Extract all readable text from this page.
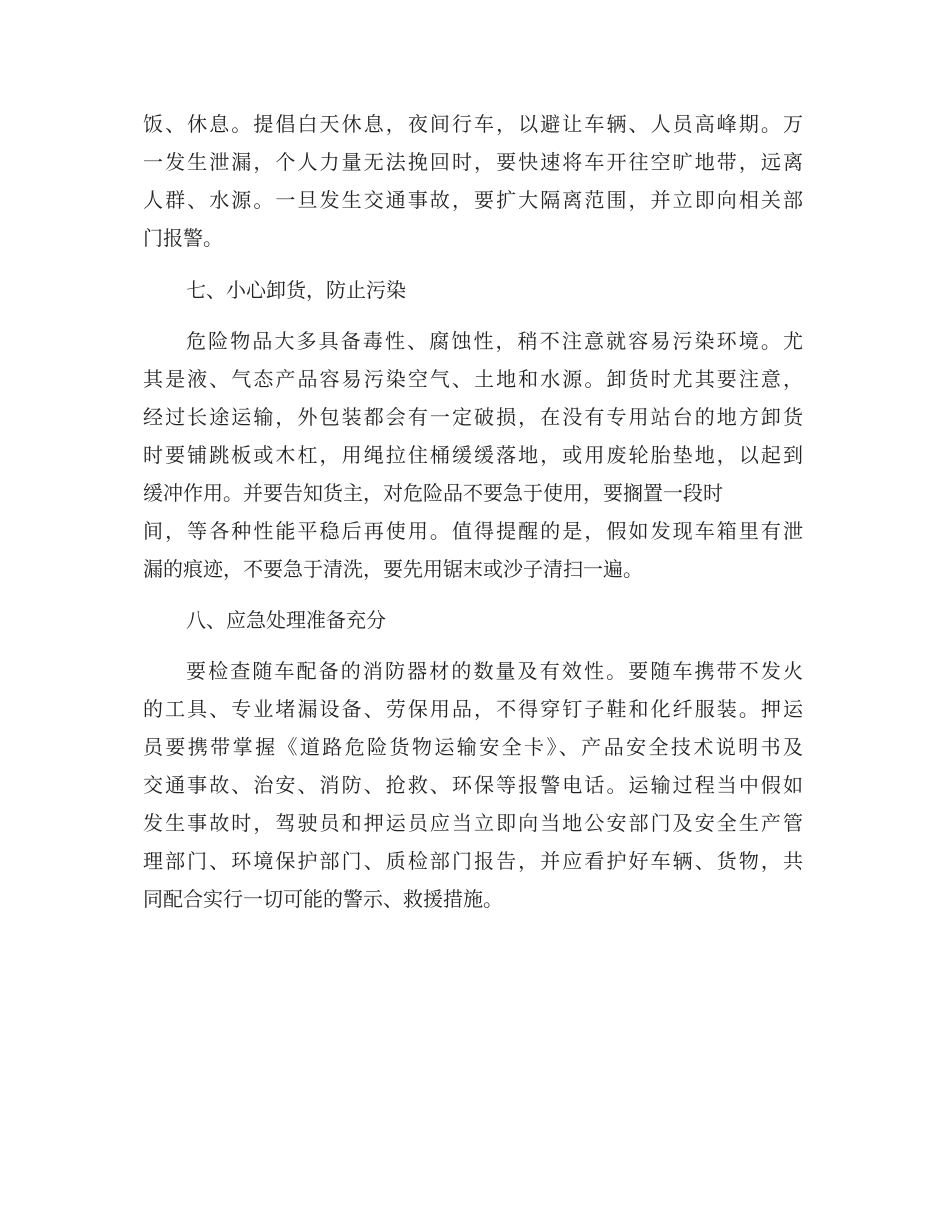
饭、休息。提倡白天休息，夜间行车，以避让车辆、人员高峰期。万
一发生泄漏，个人力量无法挽回时，要快速将车开往空旷地带，远离
人群、水源。一旦发生交通事故，要扩大隔离范围，并立即向相关部
门报警。
七、小心卸货，防止污染
危险物品大多具备毒性、腐蚀性，稍不注意就容易污染环境。尤
其是液、气态产品容易污染空气、土地和水源。卸货时尤其要注意，
经过长途运输，外包装都会有一定破损，在没有专用站台的地方卸货
时要铺跳板或木杠，用绳拉住桶缓缓落地，或用废轮胎垫地，以起到
缓冲作用。并要告知货主，对危险品不要急于使用，要搁置一段时
间，等各种性能平稳后再使用。值得提醒的是，假如发现车箱里有泄
漏的痕迹，不要急于清洗，要先用锯末或沙子清扫一遍。
八、应急处理准备充分
要检查随车配备的消防器材的数量及有效性。要随车携带不发火
的工具、专业堵漏设备、劳保用品，不得穿钉子鞋和化纤服装。押运
员要携带掌握《道路危险货物运输安全卡》、产品安全技术说明书及
交通事故、治安、消防、抢救、环保等报警电话。运输过程当中假如
发生事故时，驾驶员和押运员应当立即向当地公安部门及安全生产管
理部门、环境保护部门、质检部门报告，并应看护好车辆、货物，共
同配合实行一切可能的警示、救援措施。
